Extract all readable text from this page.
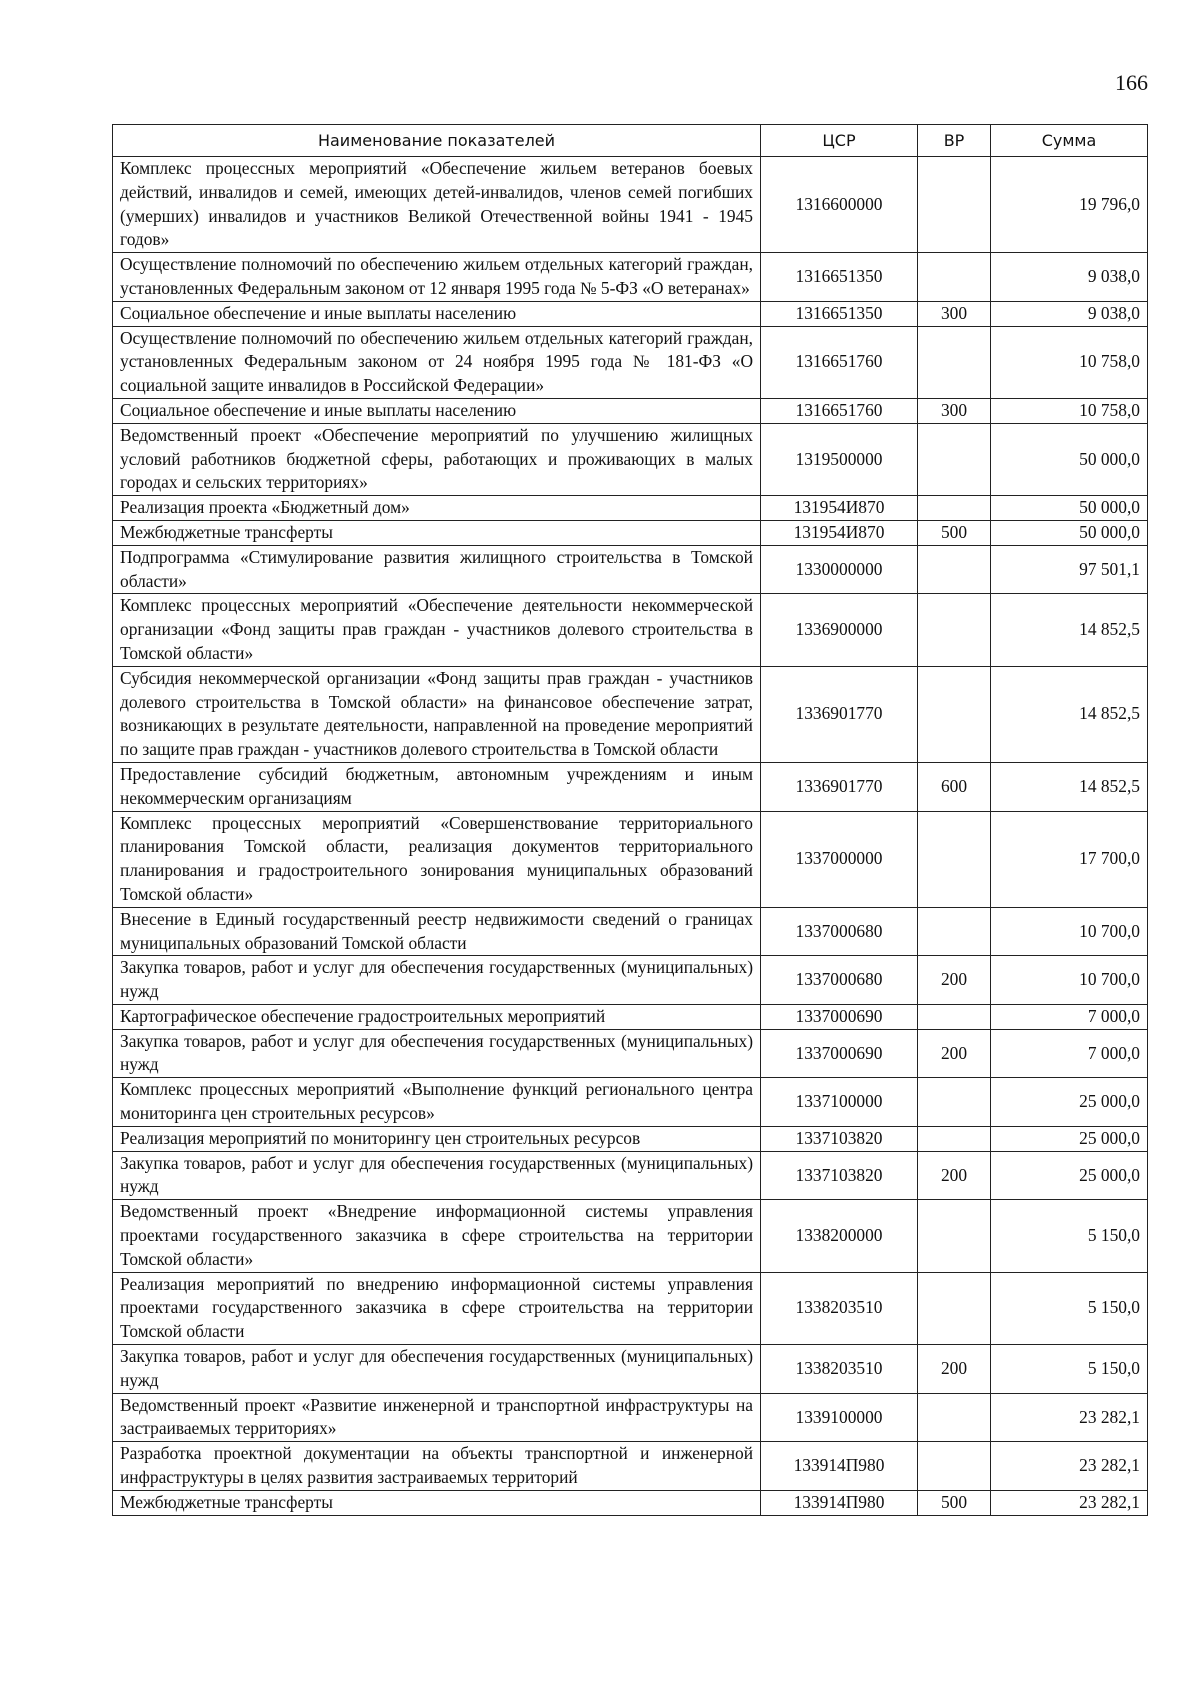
166
Наименование показателей	ЦСР	ВР	Сумма
Комплекс процессных мероприятий «Обеспечение жильем ветеранов боевых действий, инвалидов и семей, имеющих детей-инвалидов, членов семей погибших (умерших) инвалидов и участников Великой Отечественной войны 1941 - 1945 годов»	1316600000		19 796,0
Осуществление полномочий по обеспечению жильем отдельных категорий граждан, установленных Федеральным законом от 12 января 1995 года № 5-ФЗ «О ветеранах»	1316651350		9 038,0
Социальное обеспечение и иные выплаты населению	1316651350	300	9 038,0
Осуществление полномочий по обеспечению жильем отдельных категорий граждан, установленных Федеральным законом от 24 ноября 1995 года № 181-ФЗ «О социальной защите инвалидов в Российской Федерации»	1316651760		10 758,0
Социальное обеспечение и иные выплаты населению	1316651760	300	10 758,0
Ведомственный проект «Обеспечение мероприятий по улучшению жилищных условий работников бюджетной сферы, работающих и проживающих в малых городах и сельских территориях»	1319500000		50 000,0
Реализация проекта «Бюджетный дом»	131954И870		50 000,0
Межбюджетные трансферты	131954И870	500	50 000,0
Подпрограмма «Стимулирование развития жилищного строительства в Томской области»	1330000000		97 501,1
Комплекс процессных мероприятий «Обеспечение деятельности некоммерческой организации «Фонд защиты прав граждан - участников долевого строительства в Томской области»	1336900000		14 852,5
Субсидия некоммерческой организации «Фонд защиты прав граждан - участников долевого строительства в Томской области» на финансовое обеспечение затрат, возникающих в результате деятельности, направленной на проведение мероприятий по защите прав граждан - участников долевого строительства в Томской области	1336901770		14 852,5
Предоставление субсидий бюджетным, автономным учреждениям и иным некоммерческим организациям	1336901770	600	14 852,5
Комплекс процессных мероприятий «Совершенствование территориального планирования Томской области, реализация документов территориального планирования и градостроительного зонирования муниципальных образований Томской области»	1337000000		17 700,0
Внесение в Единый государственный реестр недвижимости сведений о границах муниципальных образований Томской области	1337000680		10 700,0
Закупка товаров, работ и услуг для обеспечения государственных (муниципальных) нужд	1337000680	200	10 700,0
Картографическое обеспечение градостроительных мероприятий	1337000690		7 000,0
Закупка товаров, работ и услуг для обеспечения государственных (муниципальных) нужд	1337000690	200	7 000,0
Комплекс процессных мероприятий «Выполнение функций регионального центра мониторинга цен строительных ресурсов»	1337100000		25 000,0
Реализация мероприятий по мониторингу цен строительных ресурсов	1337103820		25 000,0
Закупка товаров, работ и услуг для обеспечения государственных (муниципальных) нужд	1337103820	200	25 000,0
Ведомственный проект «Внедрение информационной системы управления проектами государственного заказчика в сфере строительства на территории Томской области»	1338200000		5 150,0
Реализация мероприятий по внедрению информационной системы управления проектами государственного заказчика в сфере строительства на территории Томской области	1338203510		5 150,0
Закупка товаров, работ и услуг для обеспечения государственных (муниципальных) нужд	1338203510	200	5 150,0
Ведомственный проект «Развитие инженерной и транспортной инфраструктуры на застраиваемых территориях»	1339100000		23 282,1
Разработка проектной документации на объекты транспортной и инженерной инфраструктуры в целях развития застраиваемых территорий	133914П980		23 282,1
Межбюджетные трансферты	133914П980	500	23 282,1
